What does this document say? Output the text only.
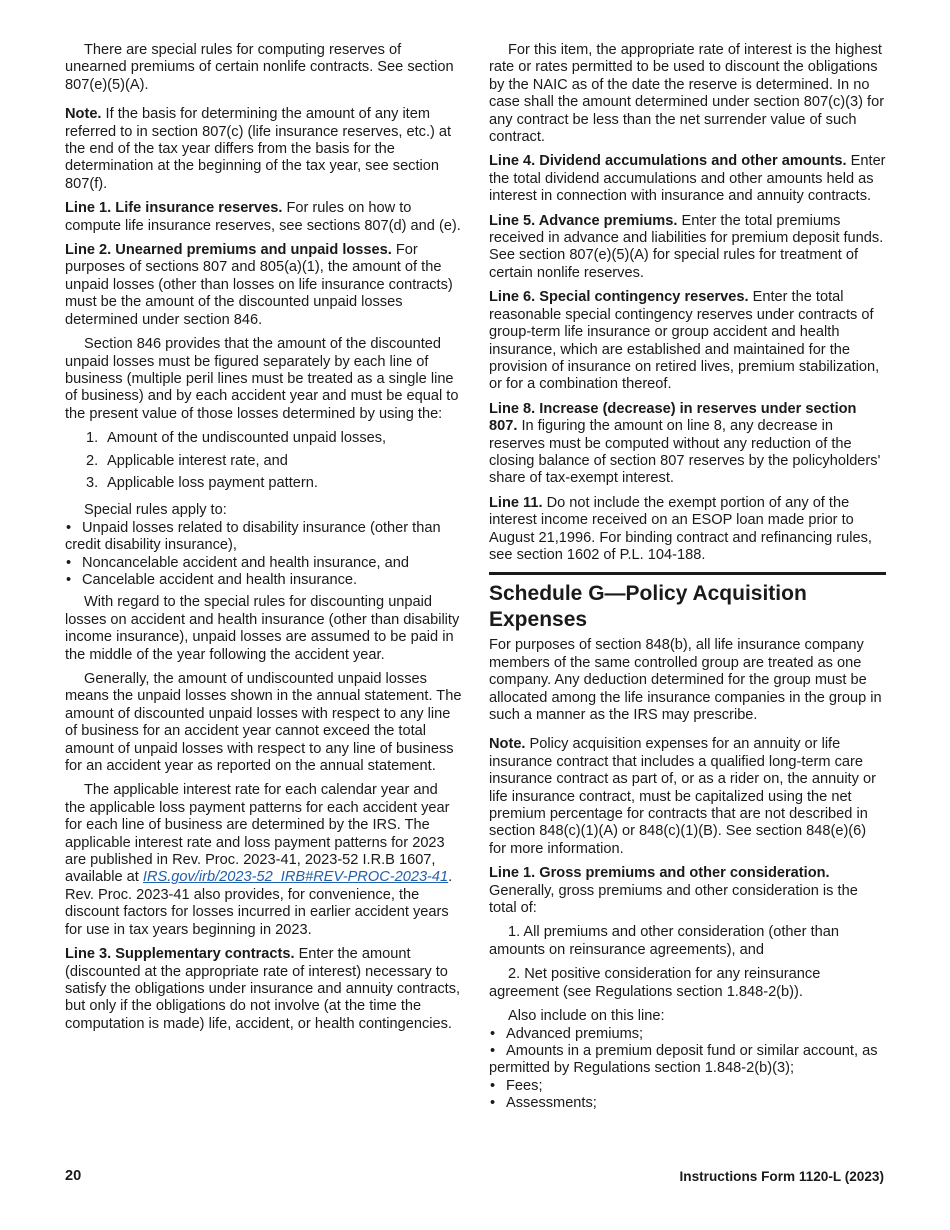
There are special rules for computing reserves of unearned premiums of certain nonlife contracts. See section 807(e)(5)(A).

Note. If the basis for determining the amount of any item referred to in section 807(c) (life insurance reserves, etc.) at the end of the tax year differs from the basis for the determination at the beginning of the tax year, see section 807(f).

Line 1. Life insurance reserves. For rules on how to compute life insurance reserves, see sections 807(d) and (e).

Line 2. Unearned premiums and unpaid losses. For purposes of sections 807 and 805(a)(1), the amount of the unpaid losses (other than losses on life insurance contracts) must be the amount of the discounted unpaid losses determined under section 846.

Section 846 provides that the amount of the discounted unpaid losses must be figured separately by each line of business (multiple peril lines must be treated as a single line of business) and by each accident year and must be equal to the present value of those losses determined by using the:

1. Amount of the undiscounted unpaid losses,
2. Applicable interest rate, and
3. Applicable loss payment pattern.

Special rules apply to:

• Unpaid losses related to disability insurance (other than credit disability insurance),
• Noncancelable accident and health insurance, and
• Cancelable accident and health insurance.

With regard to the special rules for discounting unpaid losses on accident and health insurance (other than disability income insurance), unpaid losses are assumed to be paid in the middle of the year following the accident year.

Generally, the amount of undiscounted unpaid losses means the unpaid losses shown in the annual statement. The amount of discounted unpaid losses with respect to any line of business for an accident year cannot exceed the total amount of unpaid losses with respect to any line of business for an accident year as reported on the annual statement.

The applicable interest rate for each calendar year and the applicable loss payment patterns for each accident year for each line of business are determined by the IRS. The applicable interest rate and loss payment patterns for 2023 are published in Rev. Proc. 2023-41, 2023-52 I.R.B 1607, available at IRS.gov/irb/2023-52_IRB#REV-PROC-2023-41. Rev. Proc. 2023-41 also provides, for convenience, the discount factors for losses incurred in earlier accident years for use in tax years beginning in 2023.

Line 3. Supplementary contracts. Enter the amount (discounted at the appropriate rate of interest) necessary to satisfy the obligations under insurance and annuity contracts, but only if the obligations do not involve (at the time the computation is made) life, accident, or health contingencies.

For this item, the appropriate rate of interest is the highest rate or rates permitted to be used to discount the obligations by the NAIC as of the date the reserve is determined. In no case shall the amount determined under section 807(c)(3) for any contract be less than the net surrender value of such contract.

Line 4. Dividend accumulations and other amounts. Enter the total dividend accumulations and other amounts held as interest in connection with insurance and annuity contracts.

Line 5. Advance premiums. Enter the total premiums received in advance and liabilities for premium deposit funds. See section 807(e)(5)(A) for special rules for treatment of certain nonlife reserves.

Line 6. Special contingency reserves. Enter the total reasonable special contingency reserves under contracts of group-term life insurance or group accident and health insurance, which are established and maintained for the provision of insurance on retired lives, premium stabilization, or for a combination thereof.

Line 8. Increase (decrease) in reserves under section 807. In figuring the amount on line 8, any decrease in reserves must be computed without any reduction of the closing balance of section 807 reserves by the policyholders' share of tax-exempt interest.

Line 11. Do not include the exempt portion of any of the interest income received on an ESOP loan made prior to August 21,1996. For binding contract and refinancing rules, see section 1602 of P.L. 104-188.

Schedule G—Policy Acquisition Expenses

For purposes of section 848(b), all life insurance company members of the same controlled group are treated as one company. Any deduction determined for the group must be allocated among the life insurance companies in the group in such a manner as the IRS may prescribe.

Note. Policy acquisition expenses for an annuity or life insurance contract that includes a qualified long-term care insurance contract as part of, or as a rider on, the annuity or life insurance contract, must be capitalized using the net premium percentage for contracts that are not described in section 848(c)(1)(A) or 848(c)(1)(B). See section 848(e)(6) for more information.

Line 1. Gross premiums and other consideration. Generally, gross premiums and other consideration is the total of:

1. All premiums and other consideration (other than amounts on reinsurance agreements), and

2. Net positive consideration for any reinsurance agreement (see Regulations section 1.848-2(b)).

Also include on this line:

• Advanced premiums;
• Amounts in a premium deposit fund or similar account, as permitted by Regulations section 1.848-2(b)(3);
• Fees;
• Assessments;
20	Instructions Form 1120-L (2023)
